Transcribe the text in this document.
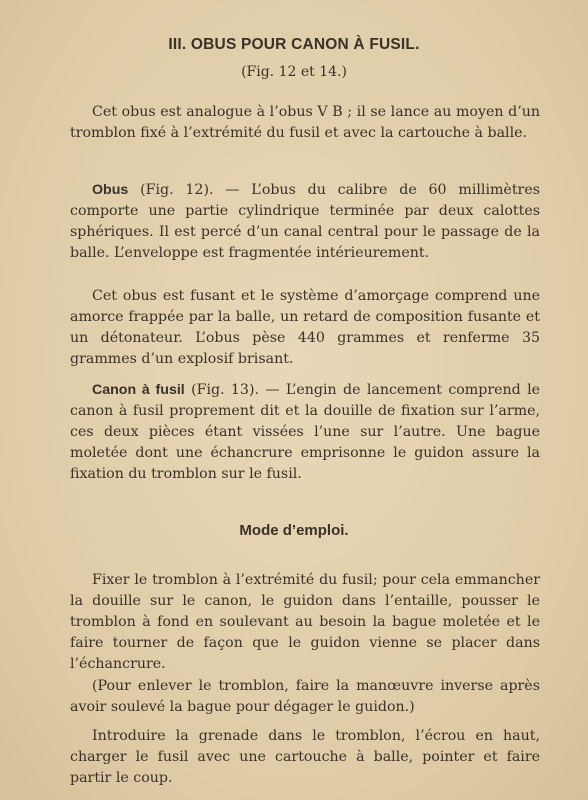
III. OBUS POUR CANON À FUSIL.
(Fig. 12 et 14.)

Cet obus est analogue à l’obus V B ; il se lance au moyen d’un tromblon fixé à l’extrémité du fusil et avec la cartouche à balle.

Obus (Fig. 12). — L’obus du calibre de 60 millimètres comporte une partie cylindrique terminée par deux calottes sphériques. Il est percé d’un canal central pour le passage de la balle. L’enveloppe est fragmentée intérieurement.

Cet obus est fusant et le système d’amorçage comprend une amorce frappée par la balle, un retard de composition fusante et un détonateur. L’obus pèse 440 grammes et renferme 35 grammes d’un explosif brisant.

Canon à fusil (Fig. 13). — L’engin de lancement comprend le canon à fusil proprement dit et la douille de fixation sur l’arme, ces deux pièces étant vissées l’une sur l’autre. Une bague moletée dont une échancrure emprisonne le guidon assure la fixation du tromblon sur le fusil.

Mode d’emploi.

Fixer le tromblon à l’extrémité du fusil; pour cela emmancher la douille sur le canon, le guidon dans l’entaille, pousser le tromblon à fond en soulevant au besoin la bague moletée et le faire tourner de façon que le guidon vienne se placer dans l’échancrure.

(Pour enlever le tromblon, faire la manœuvre inverse après avoir soulevé la bague pour dégager le guidon.)

Introduire la grenade dans le tromblon, l’écrou en haut, charger le fusil avec une cartouche à balle, pointer et faire partir le coup.
